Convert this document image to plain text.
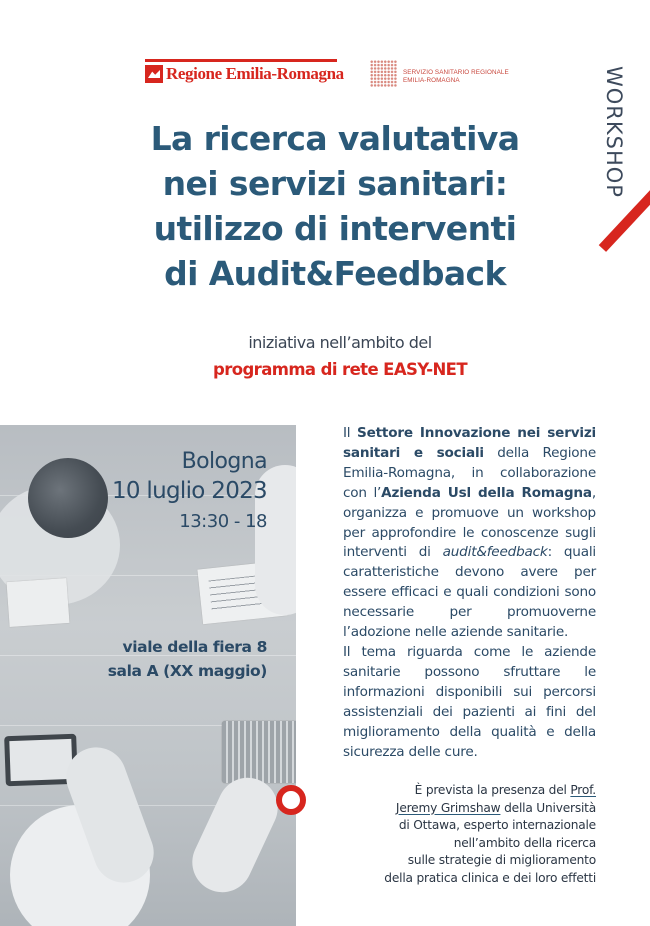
Regione Emilia-Romagna	SERVIZIO SANITARIO REGIONALE
EMILIA-ROMAGNA	WORKSHOP
La ricerca valutativa
nei servizi sanitari:
utilizzo di interventi
di Audit&Feedback
iniziativa nell’ambito del
programma di rete EASY-NET
Bologna
10 luglio 2023
13:30 - 18
viale della fiera 8
sala A (XX maggio)

Il Settore Innovazione nei servizi sanitari e sociali della Regione Emilia-Romagna, in collaborazione con l’Azienda Usl della Romagna, organizza e promuove un workshop per approfondire le conoscenze sugli interventi di audit&feedback: quali caratteristiche devono avere per essere efficaci e quali condizioni sono necessarie per promuoverne l’adozione nelle aziende sanitarie.

Il tema riguarda come le aziende sanitarie possono sfruttare le informazioni disponibili sui percorsi assistenziali dei pazienti ai fini del miglioramento della qualità e della sicurezza delle cure.

È prevista la presenza del Prof.
Jeremy Grimshaw della Università
di Ottawa, esperto internazionale
nell’ambito della ricerca
sulle strategie di miglioramento
della pratica clinica e dei loro effetti
